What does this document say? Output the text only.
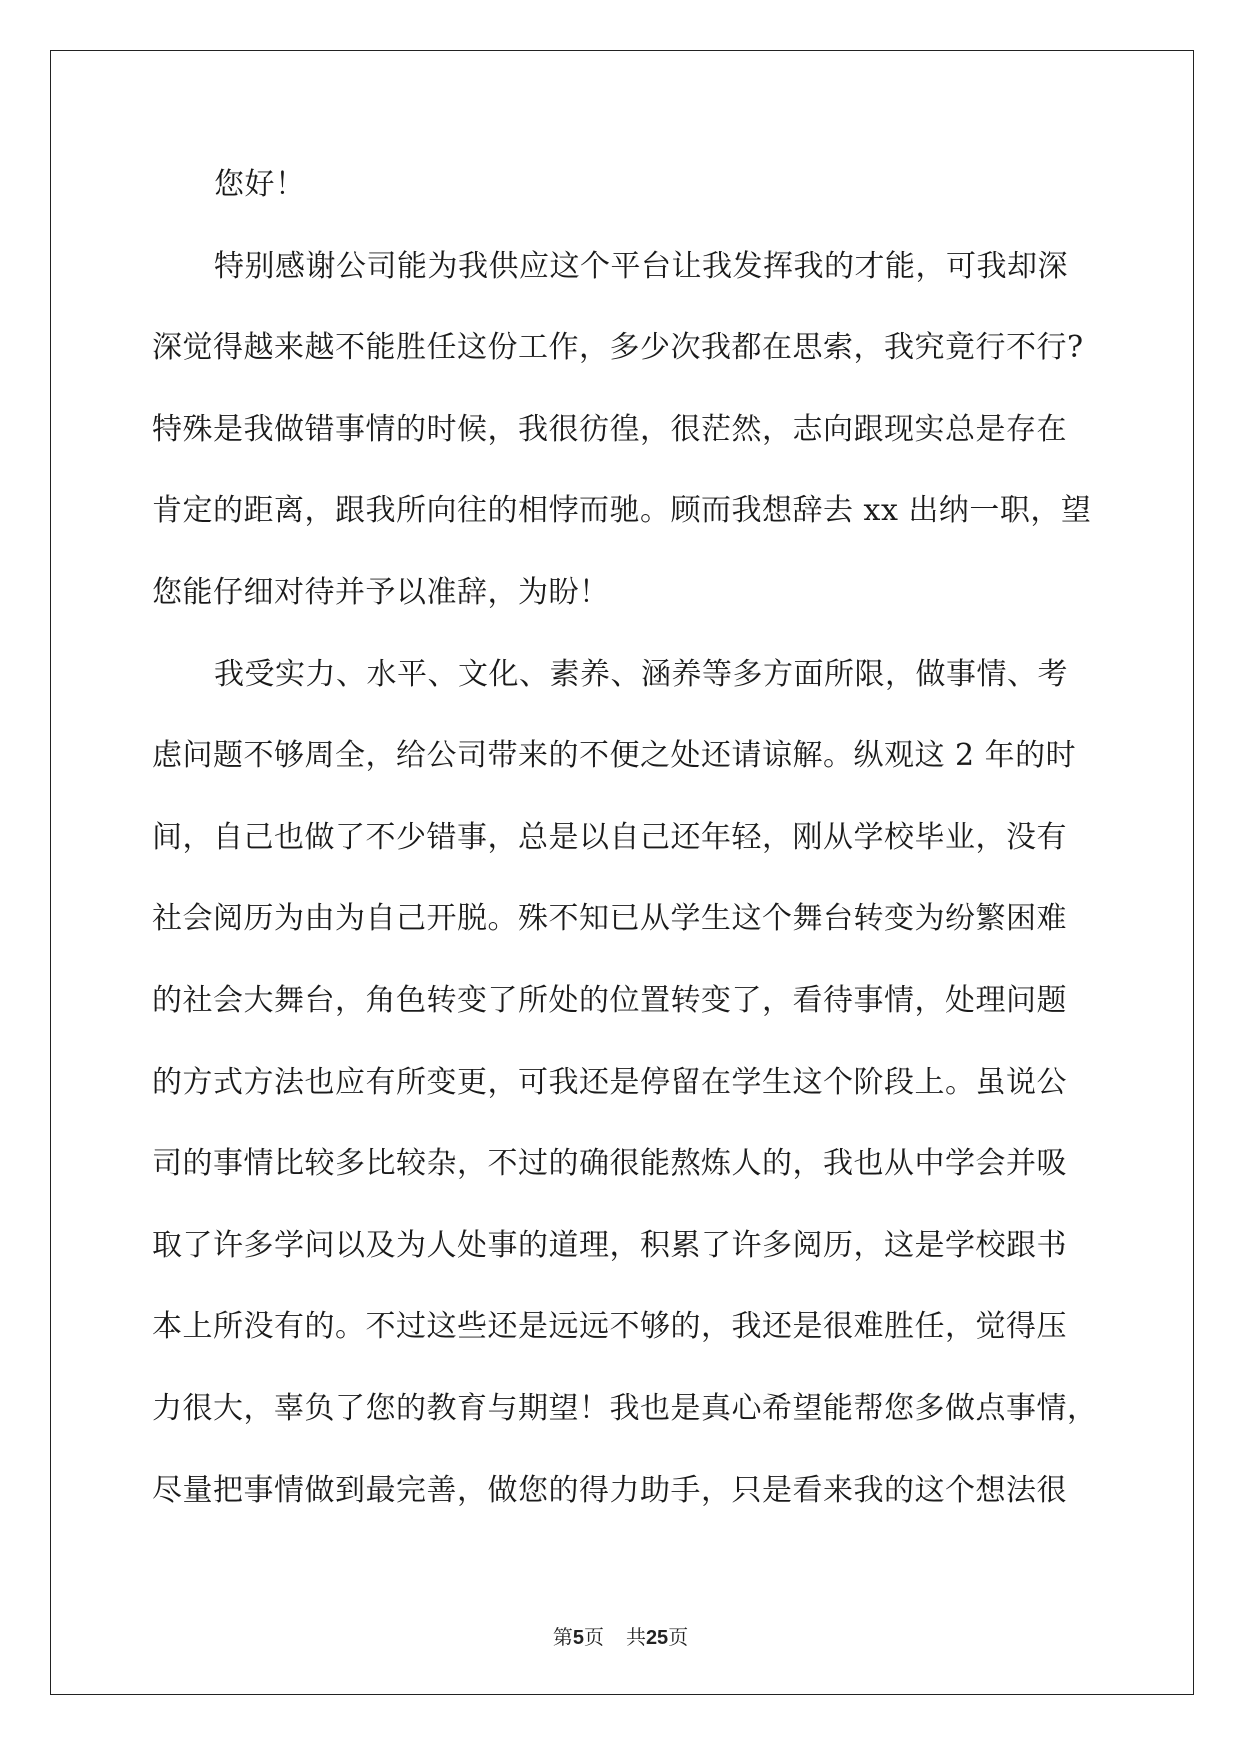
您好！
特别感谢公司能为我供应这个平台让我发挥我的才能，可我却深
深觉得越来越不能胜任这份工作，多少次我都在思索，我究竟行不行?
特殊是我做错事情的时候，我很彷徨，很茫然，志向跟现实总是存在
肯定的距离，跟我所向往的相悖而驰。顾而我想辞去 xx 出纳一职，望
您能仔细对待并予以准辞，为盼！
我受实力、水平、文化、素养、涵养等多方面所限，做事情、考
虑问题不够周全，给公司带来的不便之处还请谅解。纵观这 2 年的时
间，自己也做了不少错事，总是以自己还年轻，刚从学校毕业，没有
社会阅历为由为自己开脱。殊不知已从学生这个舞台转变为纷繁困难
的社会大舞台，角色转变了所处的位置转变了，看待事情，处理问题
的方式方法也应有所变更，可我还是停留在学生这个阶段上。虽说公
司的事情比较多比较杂，不过的确很能熬炼人的，我也从中学会并吸
取了许多学问以及为人处事的道理，积累了许多阅历，这是学校跟书
本上所没有的。不过这些还是远远不够的，我还是很难胜任，觉得压
力很大，辜负了您的教育与期望！我也是真心希望能帮您多做点事情，
尽量把事情做到最完善，做您的得力助手，只是看来我的这个想法很
第5页 共25页
